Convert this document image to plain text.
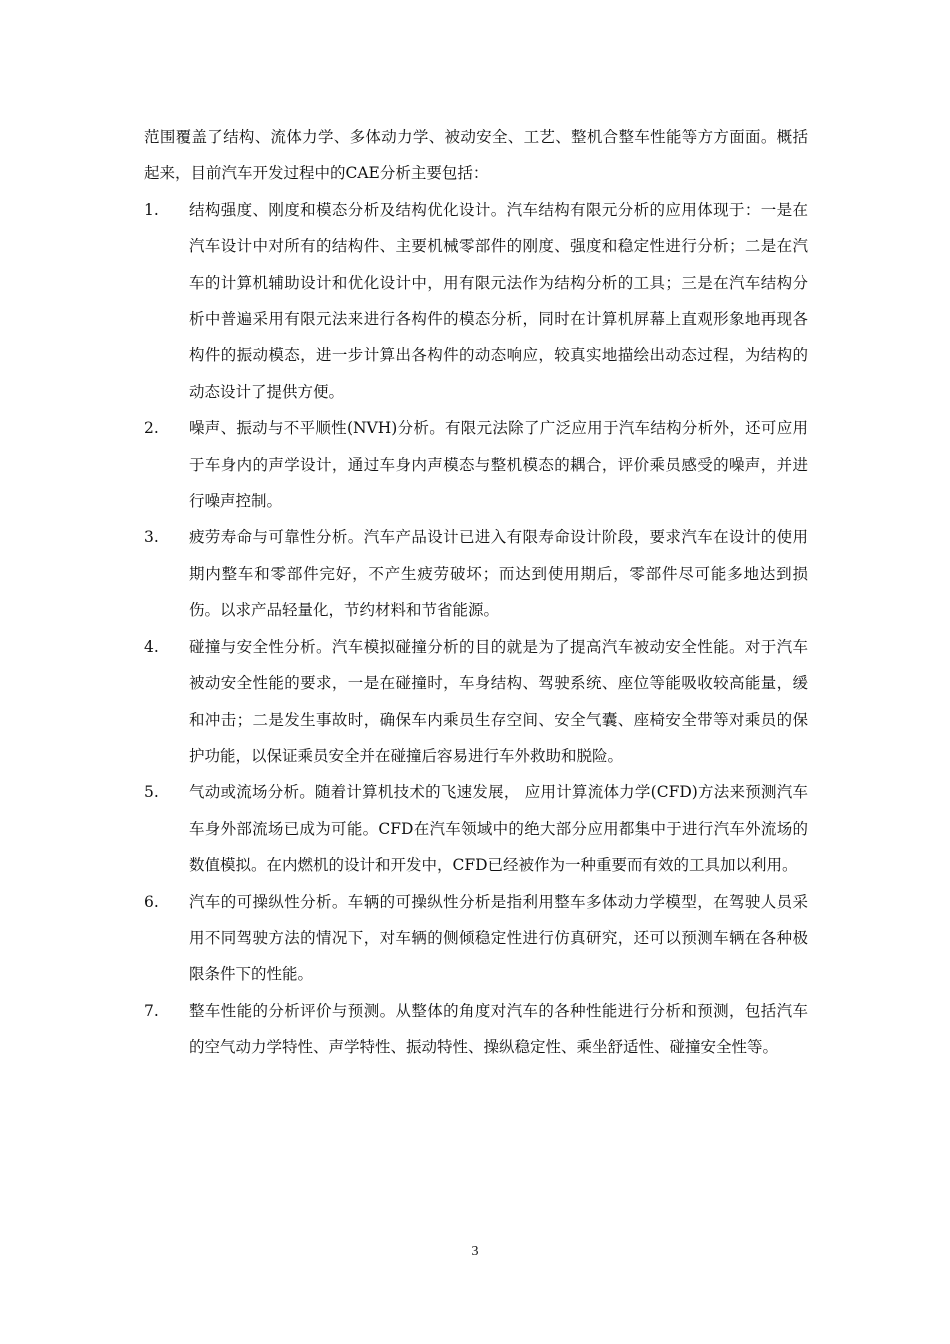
范围覆盖了结构、流体力学、多体动力学、被动安全、工艺、整机合整车性能等方方面面。概括起来，目前汽车开发过程中的CAE分析主要包括：

1. 结构强度、刚度和模态分析及结构优化设计。汽车结构有限元分析的应用体现于：一是在汽车设计中对所有的结构件、主要机械零部件的刚度、强度和稳定性进行分析；二是在汽车的计算机辅助设计和优化设计中，用有限元法作为结构分析的工具；三是在汽车结构分析中普遍采用有限元法来进行各构件的模态分析，同时在计算机屏幕上直观形象地再现各构件的振动模态，进一步计算出各构件的动态响应，较真实地描绘出动态过程，为结构的动态设计了提供方便。
2. 噪声、振动与不平顺性(NVH)分析。有限元法除了广泛应用于汽车结构分析外，还可应用于车身内的声学设计，通过车身内声模态与整机模态的耦合，评价乘员感受的噪声，并进行噪声控制。
3. 疲劳寿命与可靠性分析。汽车产品设计已进入有限寿命设计阶段，要求汽车在设计的使用期内整车和零部件完好，不产生疲劳破坏；而达到使用期后，零部件尽可能多地达到损伤。以求产品轻量化，节约材料和节省能源。
4. 碰撞与安全性分析。汽车模拟碰撞分析的目的就是为了提高汽车被动安全性能。对于汽车被动安全性能的要求，一是在碰撞时，车身结构、驾驶系统、座位等能吸收较高能量，缓和冲击；二是发生事故时，确保车内乘员生存空间、安全气囊、座椅安全带等对乘员的保护功能，以保证乘员安全并在碰撞后容易进行车外救助和脱险。
5. 气动或流场分析。随着计算机技术的飞速发展， 应用计算流体力学(CFD)方法来预测汽车车身外部流场已成为可能。CFD在汽车领域中的绝大部分应用都集中于进行汽车外流场的数值模拟。在内燃机的设计和开发中，CFD已经被作为一种重要而有效的工具加以利用。
6. 汽车的可操纵性分析。车辆的可操纵性分析是指利用整车多体动力学模型，在驾驶人员采用不同驾驶方法的情况下，对车辆的侧倾稳定性进行仿真研究，还可以预测车辆在各种极限条件下的性能。
7. 整车性能的分析评价与预测。从整体的角度对汽车的各种性能进行分析和预测，包括汽车的空气动力学特性、声学特性、振动特性、操纵稳定性、乘坐舒适性、碰撞安全性等。
3
